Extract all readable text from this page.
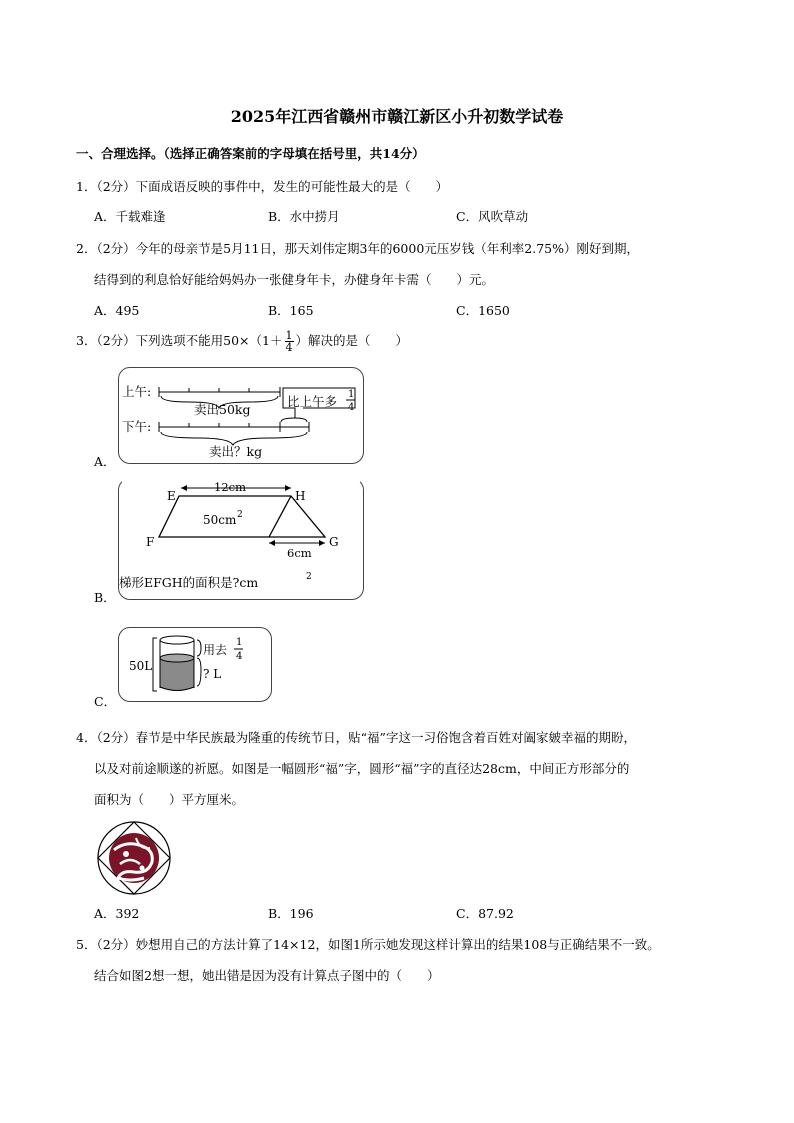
2025年江西省赣州市赣江新区小升初数学试卷
一、合理选择。（选择正确答案前的字母填在括号里，共14分）
1．（2分）下面成语反映的事件中，发生的可能性最大的是（　　）
A．千载难逢	B．水中捞月	C．风吹草动
2．（2分）今年的母亲节是5月11日，那天刘伟定期3年的6000元压岁钱（年利率2.75%）刚好到期，
结得到的利息恰好能给妈妈办一张健身年卡，办健身年卡需（　　）元。
A．495	B．165	C．1650
3．（2分）下列选项不能用$50\times(1+ \frac{1}{4}$ ）解决的是（　　）
A．
上午:
卖出50kg
下午:
比上午多 1
4
卖出？kg
B．
E	H
F	G
12cm
50cm 2
6cm
梯形EFGH的面积是?cm	2
C．
50L
用去
1
4
? L
4．（2分）春节是中华民族最为隆重的传统节日，贴“福”字这一习俗饱含着百姓对阖家皴幸福的期盼，
以及对前途顺遂的祈愿。如图是一幅圆形“福”字，圆形“福”字的直径达28cm，中间正方形部分的
面积为（　　）平方厘米。
A．392	B．196	C．87.92
5．（2分）妙想用自己的方法计算了14×12，如图1所示她发现这样计算出的结果108与正确结果不一致。
结合如图2想一想，她出错是因为没有计算点子图中的（　　）
